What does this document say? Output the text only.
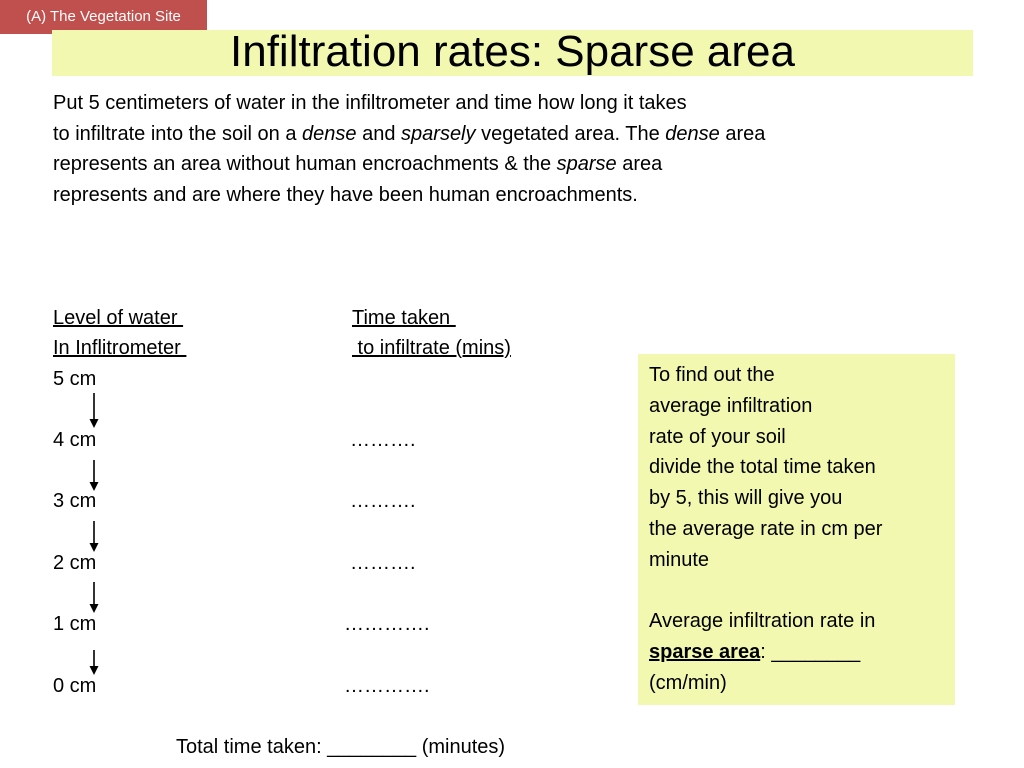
(A) The Vegetation Site
Infiltration rates: Sparse area
Put 5 centimeters of water in the infiltrometer and time how long it takes
to infiltrate into the soil on a dense and sparsely vegetated area. The dense area
represents an area without human encroachments & the sparse area
represents and are where they have been human encroachments.
Level of water
In Inflitrometer
Time taken
to infiltrate (mins)
5 cm
4 cm
3 cm
2 cm
1 cm
0 cm
……….
……….
……….
………….
………….
Total time taken: ________ (minutes)
To find out the
average infiltration
rate of your soil
divide the total time taken
by 5, this will give you
the average rate in cm per
minute

Average infiltration rate in
sparse area: ________
(cm/min)
